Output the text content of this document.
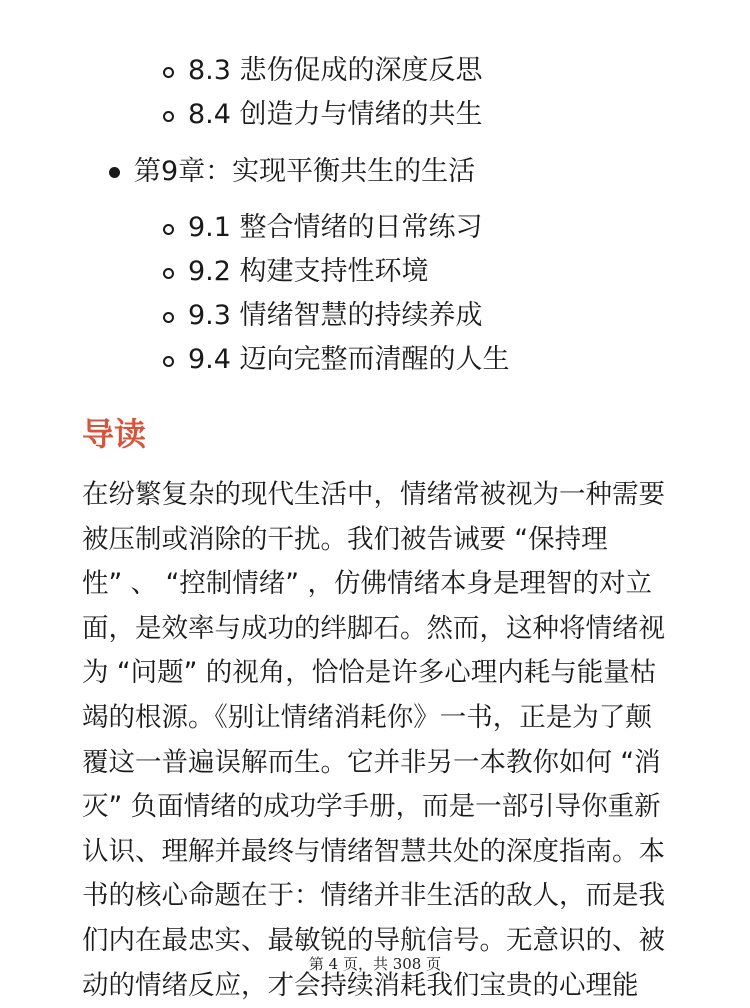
8.3 悲伤促成的深度反思
8.4 创造力与情绪的共生
第9章：实现平衡共生的生活
9.1 整合情绪的日常练习
9.2 构建支持性环境
9.3 情绪智慧的持续养成
9.4 迈向完整而清醒的人生
导读
在纷繁复杂的现代生活中，情绪常被视为一种需要
被压制或消除的干扰。我们被告诫要 “保持理
性” 、 “控制情绪” ，仿佛情绪本身是理智的对立
面，是效率与成功的绊脚石。然而，这种将情绪视
为 “问题” 的视角，恰恰是许多心理内耗与能量枯
竭的根源。《别让情绪消耗你》一书，正是为了颠
覆这一普遍误解而生。它并非另一本教你如何 “消
灭” 负面情绪的成功学手册，而是一部引导你重新
认识、理解并最终与情绪智慧共处的深度指南。本
书的核心命题在于：情绪并非生活的敌人，而是我
们内在最忠实、最敏锐的导航信号。无意识的、被
动的情绪反应，才会持续消耗我们宝贵的心理能
第 4 页，共 308 页
